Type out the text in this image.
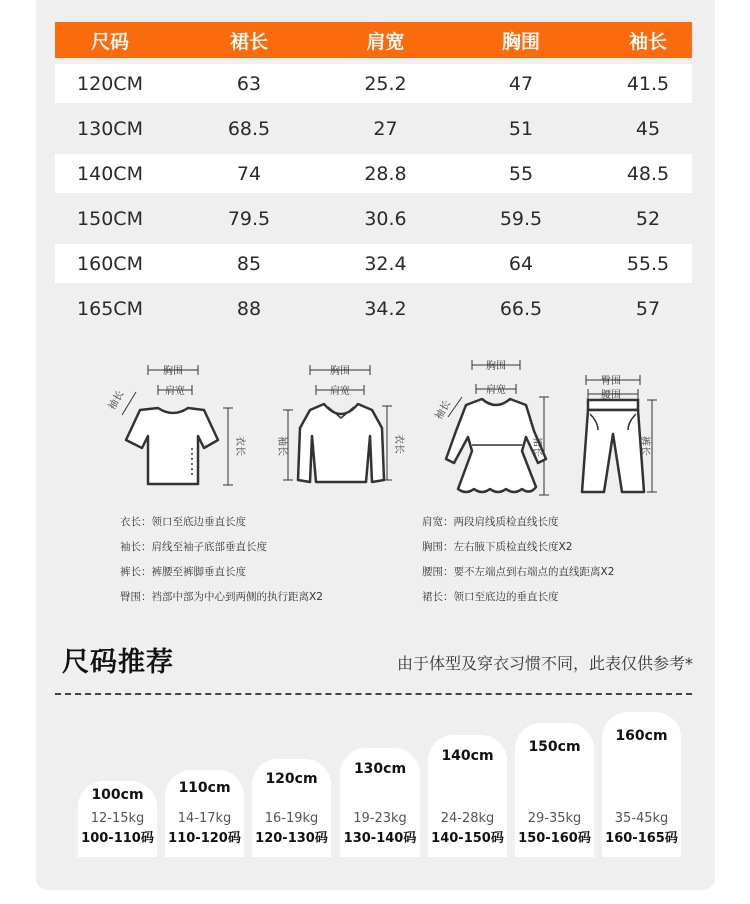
尺码	裙长	肩宽	胸围	袖长
120CM	63	25.2	47	41.5
130CM	68.5	27	51	45
140CM	74	28.8	55	48.5
150CM	79.5	30.6	59.5	52
160CM	85	32.4	64	55.5
165CM	88	34.2	66.5	57
胸围
肩宽
袖长
衣长
胸围
肩宽
袖长	衣长
胸围
肩宽
袖长
裙长
臀围
腰围
裤长
衣长：领口至底边垂直长度
袖长：肩线至袖子底部垂直长度
裤长：裤腰至裤脚垂直长度
臀围：裆部中部为中心到两侧的执行距离X2
肩宽：两段肩线质检直线长度
胸围：左右腋下质检直线长度X2
腰围：要不左端点到右端点的直线距离X2
裙长：领口至底边的垂直长度
尺码推荐	由于体型及穿衣习惯不同，此表仅供参考*
100cm
12-15kg
100-110码
110cm
14-17kg
110-120码
120cm
16-19kg
120-130码
130cm
19-23kg
130-140码
140cm
24-28kg
140-150码
150cm
29-35kg
150-160码
160cm
35-45kg
160-165码
